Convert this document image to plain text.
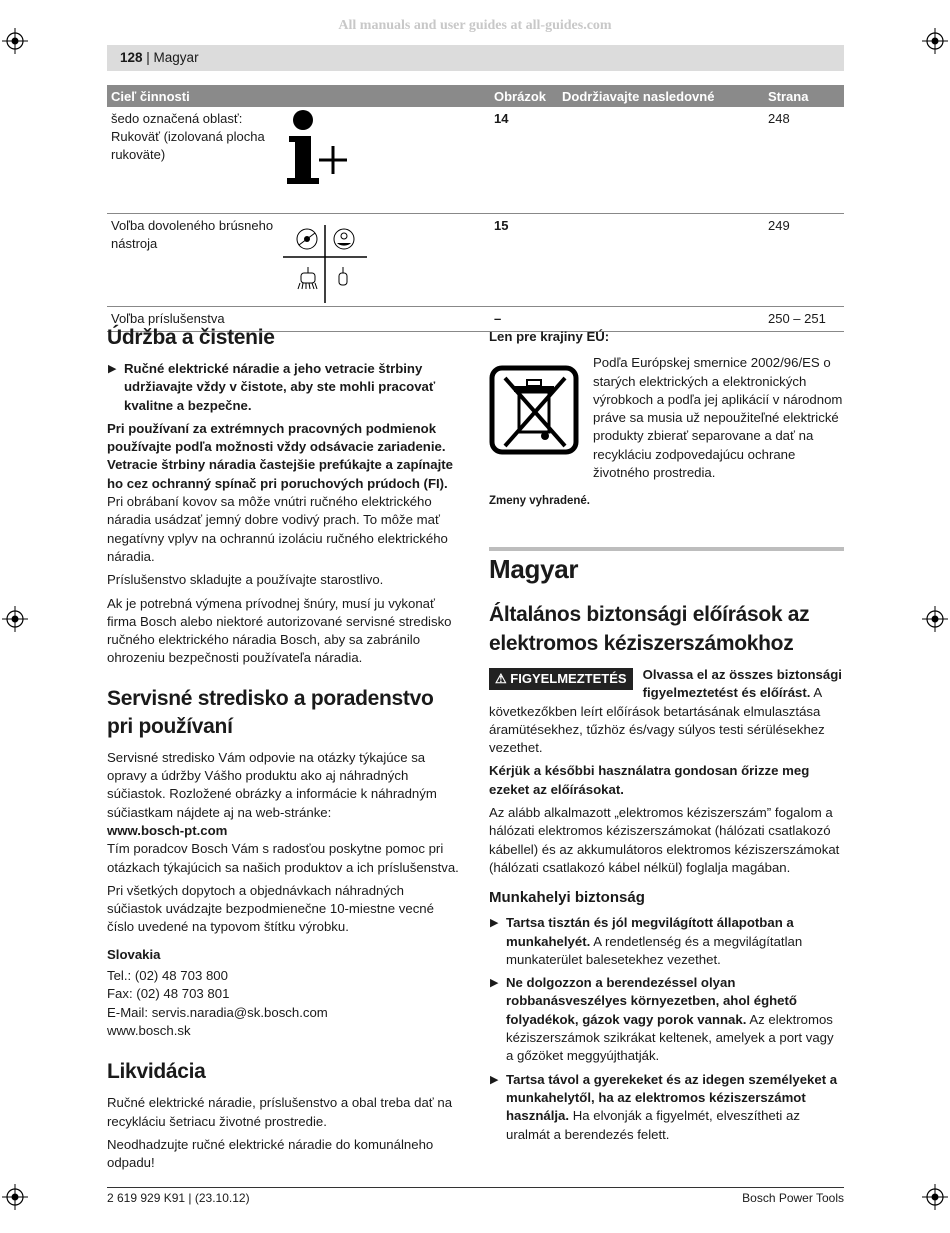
All manuals and user guides at all-guides.com
128 | Magyar
Cieľ činnosti	Obrázok	Dodržiavajte nasledovné	Strana

šedo označená oblasť: Rukoväť (izolovaná plocha rukoväte)	14		248

Voľba dovoleného brúsneho nástroja	15		249
Voľba príslušenstva	–		250 – 251
Údržba a čistenie
▶ Ručné elektrické náradie a jeho vetracie štrbiny udržiavajte vždy v čistote, aby ste mohli pracovať kvalitne a bezpečne.

Pri používaní za extrémnych pracovných podmienok používajte podľa možnosti vždy odsávacie zariadenie. Vetracie štrbiny náradia častejšie prefúkajte a zapínajte ho cez ochranný spínač pri poruchových prúdoch (FI). Pri obrábaní kovov sa môže vnútri ručného elektrického náradia usádzať jemný dobre vodivý prach. To môže mať negatívny vplyv na ochrannú izoláciu ručného elektrického náradia.

Príslušenstvo skladujte a používajte starostlivo.

Ak je potrebná výmena prívodnej šnúry, musí ju vykonať firma Bosch alebo niektoré autorizované servisné stredisko ručného elektrického náradia Bosch, aby sa zabránilo ohrozeniu bezpečnosti používateľa náradia.

Servisné stredisko a poradenstvo pri používaní

Servisné stredisko Vám odpovie na otázky týkajúce sa opravy a údržby Vášho produktu ako aj náhradných súčiastok. Rozložené obrázky a informácie k náhradným súčiastkam nájdete aj na web-stránke:

www.bosch-pt.com

Tím poradcov Bosch Vám s radosťou poskytne pomoc pri otázkach týkajúcich sa našich produktov a ich príslušenstva.

Pri všetkých dopytoch a objednávkach náhradných súčiastok uvádzajte bezpodmienečne 10-miestne vecné číslo uvedené na typovom štítku výrobku.

Slovakia
Tel.: (02) 48 703 800
Fax: (02) 48 703 801
E-Mail: servis.naradia@sk.bosch.com
www.bosch.sk
Likvidácia

Ručné elektrické náradie, príslušenstvo a obal treba dať na recykláciu šetriacu životné prostredie.

Neodhadzujte ručné elektrické náradie do komunálneho odpadu!

Len pre krajiny EÚ:
Podľa Európskej smernice 2002/96/ES o starých elektrických a elektronických výrobkoch a podľa jej aplikácií v národnom práve sa musia už nepoužiteľné elektrické produkty zbierať separovane a dať na recykláciu zodpovedajúcu ochrane životného prostredia.
Zmeny vyhradené.
Magyar
Általános biztonsági előírások az elektromos kéziszerszámokhoz
⚠ FIGYELMEZTETÉS	Olvassa el az összes biztonsági figyelmeztetést és előírást. A következőkben leírt előírások betartásának elmulasztása áramütésekhez, tűzhöz és/vagy súlyos testi sérülésekhez vezethet.

Kérjük a későbbi használatra gondosan őrizze meg ezeket az előírásokat.

Az alább alkalmazott „elektromos kéziszerszám” fogalom a hálózati elektromos kéziszerszámokat (hálózati csatlakozó kábellel) és az akkumulátoros elektromos kéziszerszámokat (hálózati csatlakozó kábel nélkül) foglalja magában.

Munkahelyi biztonság
▶ Tartsa tisztán és jól megvilágított állapotban a munkahelyét. A rendetlenség és a megvilágítatlan munkaterület balesetekhez vezethet.
▶ Ne dolgozzon a berendezéssel olyan robbanásveszélyes környezetben, ahol éghető folyadékok, gázok vagy porok vannak. Az elektromos kéziszerszámok szikrákat keltenek, amelyek a port vagy a gőzöket meggyújthatják.
▶ Tartsa távol a gyerekeket és az idegen személyeket a munkahelytől, ha az elektromos kéziszerszámot használja. Ha elvonják a figyelmét, elveszítheti az uralmát a berendezés felett.
2 619 929 K91 | (23.10.12)	Bosch Power Tools
